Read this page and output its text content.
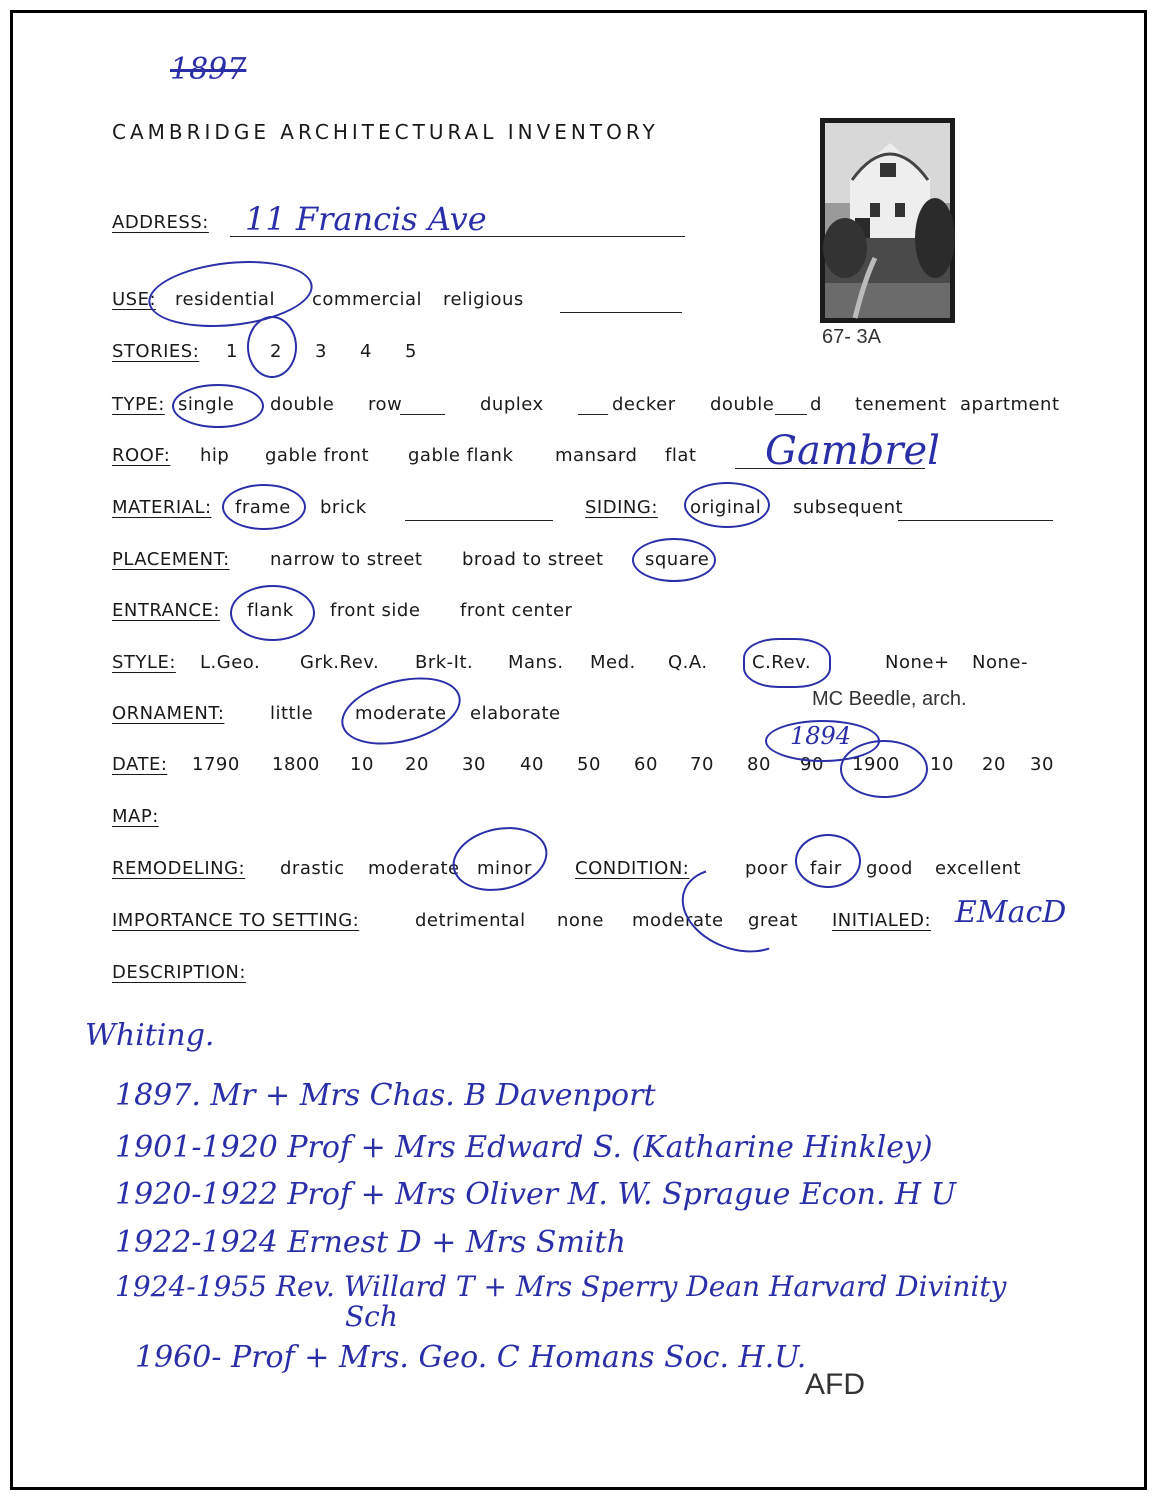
1897
CAMBRIDGE ARCHITECTURAL INVENTORY
67- 3A
ADDRESS: 11 Francis Ave
USE: residential commercial religious
STORIES: 1 2 3 4 5
TYPE: single double row	duplex	decker double d tenement apartment
ROOF: hip gable front gable flank mansard flat Gambrel
MATERIAL: frame brick	SIDING: original subsequent
PLACEMENT: narrow to street broad to street square
ENTRANCE: flank front side front center
STYLE: L.Geo. Grk.Rev. Brk-It. Mans. Med. Q.A. C.Rev.	None+ None-
ORNAMENT:	little moderate elaborate
MC Beedle, arch.
DATE: 1790 1800 10 20 30 40 50 60 70 80 90 1900 10 20 30
1894
MAP:
REMODELING: drastic moderate minor CONDITION:	poor fair good excellent
IMPORTANCE TO SETTING:	detrimental none moderate great INITIALED: EMacD
DESCRIPTION:
Whiting.
1897. Mr + Mrs Chas. B Davenport
1901-1920 Prof + Mrs Edward S. (Katharine Hinkley)
1920-1922 Prof + Mrs Oliver M. W. Sprague Econ. H U
1922-1924 Ernest D + Mrs Smith
1924-1955 Rev. Willard T + Mrs Sperry Dean Harvard Divinity
Sch
1960- Prof + Mrs. Geo. C Homans Soc. H.U.
AFD
